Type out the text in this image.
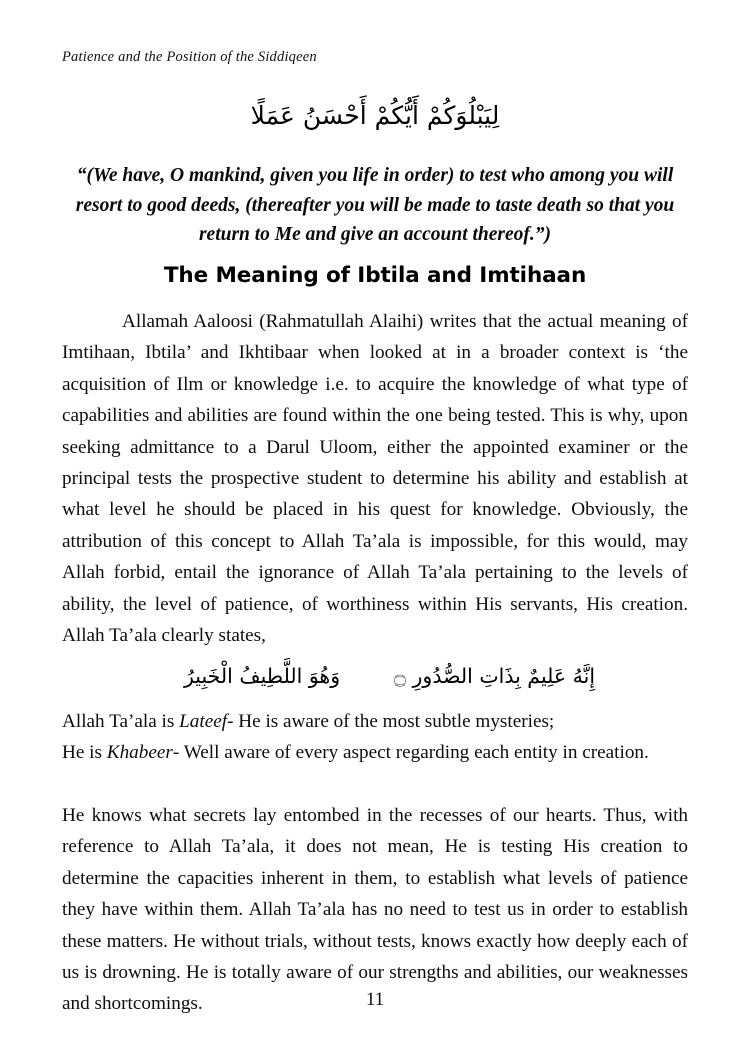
Patience and the Position of the Siddiqeen
لِيَبْلُوَكُمْ أَيُّكُمْ أَحْسَنُ عَمَلًا
“(We have, O mankind, given you life in order) to test who among you will resort to good deeds, (thereafter you will be made to taste death so that you return to Me and give an account thereof.”)
The Meaning of Ibtila and Imtihaan
Allamah Aaloosi (Rahmatullah Alaihi) writes that the actual meaning of Imtihaan, Ibtila’ and Ikhtibaar when looked at in a broader context is ‘the acquisition of Ilm or knowledge i.e. to acquire the knowledge of what type of capabilities and abilities are found within the one being tested. This is why, upon seeking admittance to a Darul Uloom, either the appointed examiner or the principal tests the prospective student to determine his ability and establish at what level he should be placed in his quest for knowledge. Obviously, the attribution of this concept to Allah Ta’ala is impossible, for this would, may Allah forbid, entail the ignorance of Allah Ta’ala pertaining to the levels of ability, the level of patience, of worthiness within His servants, His creation. Allah Ta’ala clearly states,
وَهُوَ اللَّطِيفُ الْخَبِيرُ	إِنَّهُ عَلِيمٌ بِذَاتِ الصُّدُورِ ۝
Allah Ta’ala is Lateef- He is aware of the most subtle mysteries;
He is Khabeer- Well aware of every aspect regarding each entity in creation.
He knows what secrets lay entombed in the recesses of our hearts. Thus, with reference to Allah Ta’ala, it does not mean, He is testing His creation to determine the capacities inherent in them, to establish what levels of patience they have within them. Allah Ta’ala has no need to test us in order to establish these matters. He without trials, without tests, knows exactly how deeply each of us is drowning. He is totally aware of our strengths and abilities, our weaknesses and shortcomings.	11
